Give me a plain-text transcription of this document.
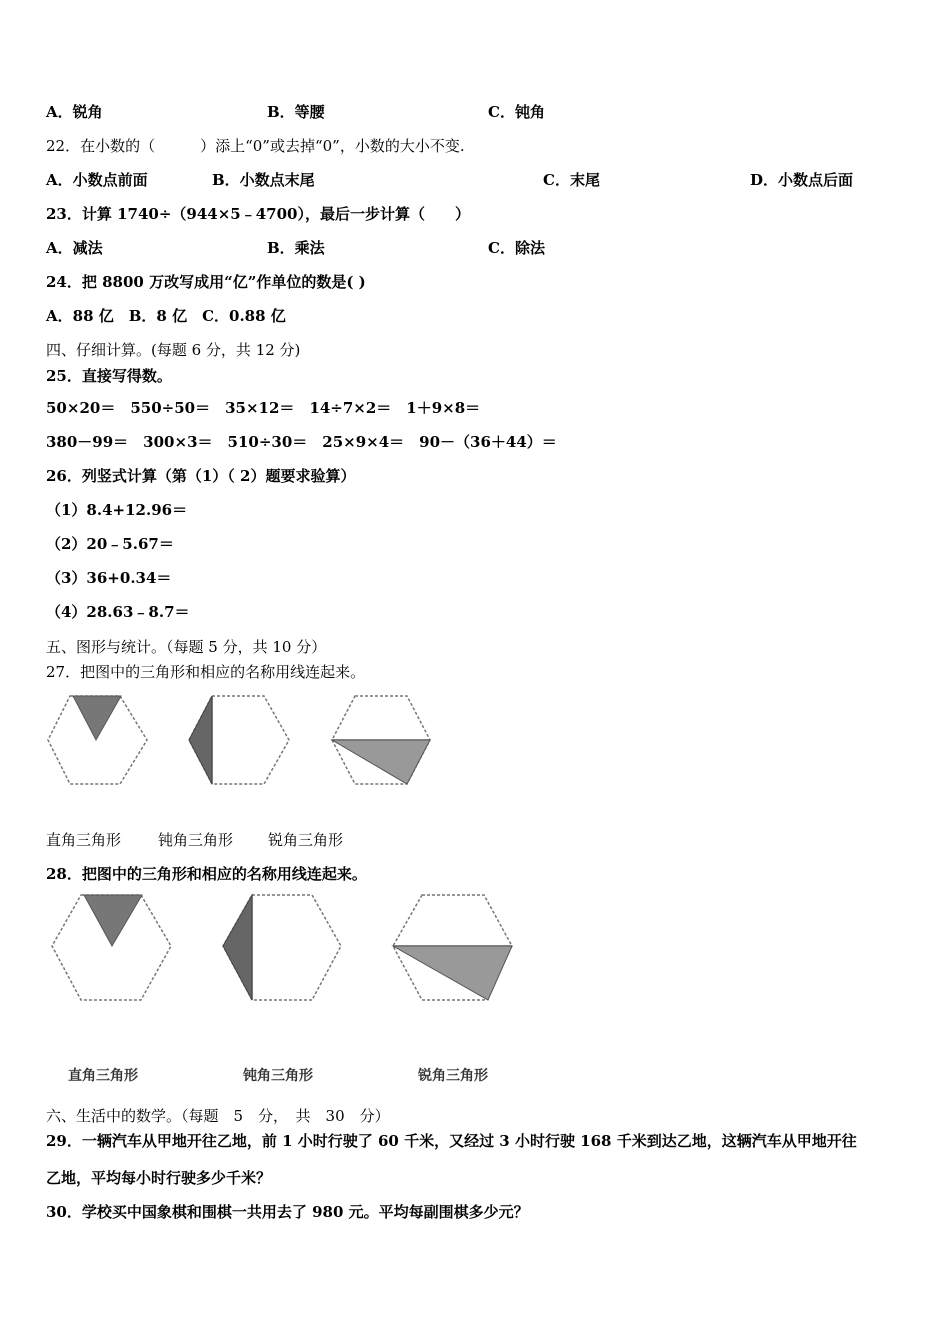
A．锐角	B．等腰	C．钝角
22．在小数的（　　　）添上“0”或去掉“0”，小数的大小不变.
A．小数点前面	B．小数点末尾	C．末尾	D．小数点后面
23．计算 1740÷（944×5﹣4700），最后一步计算（　　）
A．减法	B．乘法	C．除法
24．把 8800 万改写成用“亿”作单位的数是( )
A．88 亿　B．8 亿　C．0.88 亿
四、仔细计算。(每题 6 分，共 12 分)
25．直接写得数。
50×20＝　550÷50＝　35×12＝　14÷7×2＝　1＋9×8＝
380－99＝　300×3＝　510÷30＝　25×9×4＝　90－（36＋44）＝
26．列竖式计算（第（1）（ 2）题要求验算）
（1）8.4+12.96＝
（2）20﹣5.67＝
（3）36+0.34＝
（4）28.63﹣8.7＝
五、图形与统计。（每题 5 分，共 10 分）
27．把图中的三角形和相应的名称用线连起来。
直角三角形 钝角三角形 锐角三角形
28．把图中的三角形和相应的名称用线连起来。
直角三角形	钝角三角形	锐角三角形
六、生活中的数学。（每题　5　分，　共　30　分）
29．一辆汽车从甲地开往乙地，前 1 小时行驶了 60 千米，又经过 3 小时行驶 168 千米到达乙地，这辆汽车从甲地开往
乙地，平均每小时行驶多少千米？
30．学校买中国象棋和围棋一共用去了 980 元。平均每副围棋多少元？
